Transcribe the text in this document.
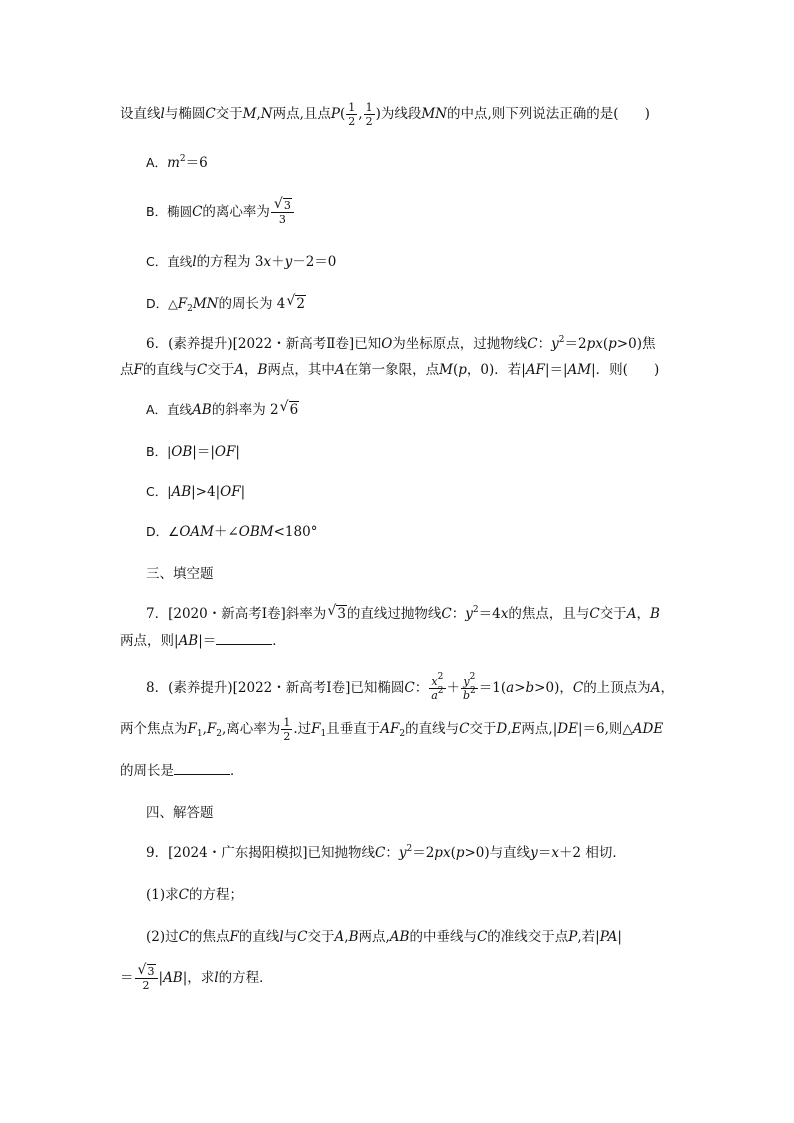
设直线l与椭圆C交于M,N两点,且点$P( \frac{1}{2}$ , $\frac{1}{2}$ )为线段MN的中点,则下列说法正确的是( )
A．$m^2=6$
B．椭圆C的离心率为 $\frac{√ 3}{3}$
C．直线l的方程为 3x＋y－2＝0
D．$\triangle F_2MN$的周长为 4 √ 2
6．(素养提升)[2022・新高考Ⅱ卷]已知O为坐标原点，过抛物线C：$y^2=2px(p>0)$焦
点F的直线与C交于A，B两点，其中A在第一象限，点M(p，0)．若|AF|＝|AM|．则( )
A．直线AB的斜率为 2 √ 6
B．|OB|＝|OF|
C．|AB|>4|OF|
D．∠OAM＋∠OBM<180°
三、填空题
7．[2020・新高考Ⅰ卷]斜率为 √ 3的直线过抛物线C：$y^2=4x$的焦点，且与C交于A，B
两点，则|AB|＝	．
8．(素养提升)[2022・新高考Ⅰ卷]已知椭圆C： $\frac{x^2}{a^2} + \frac{y^2}{b^2} =1(a>b>0)$，C的上顶点为A，
两个焦点为$F_1,F_2$,离心率为 $\frac{1}{2}$ .过$F_1$且垂直于$AF_2$的直线与C交于D,E两点,|DE|＝6,则△ADE
的周长是	．
四、解答题
9．[2024・广东揭阳模拟]已知抛物线C：$y^2=2px(p>0)$与直线y＝x＋2 相切．
(1)求C的方程；
(2)过C的焦点F的直线l与C交于A,B两点,AB的中垂线与C的准线交于点P,若|PA|
＝ $\frac{√ 3}{2} |AB|$，求l的方程．
